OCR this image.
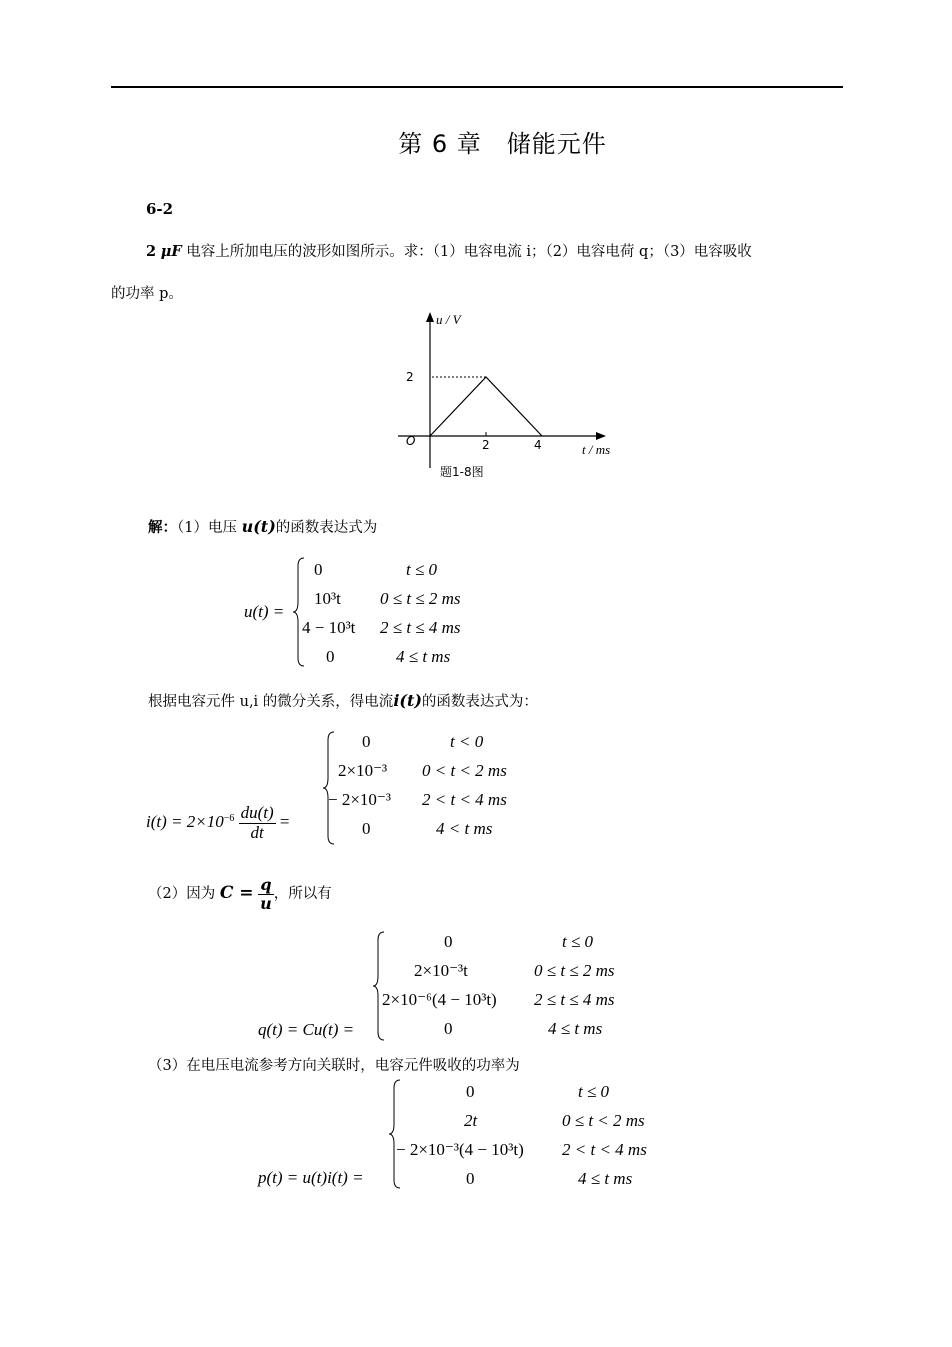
第 6 章　储能元件
6-2
2 μF 电容上所加电压的波形如图所示。求：（1）电容电流 i；（2）电容电荷 q；（3）电容吸收
的功率 p。
u / V
2
O	2	4	t / ms
题1-8图
解：（1）电压 u(t)的函数表达式为
u(t) =
0	t ≤ 0
10³t 0 ≤ t ≤ 2 ms
4 − 10³t 2 ≤ t ≤ 4 ms
0	4 ≤ t ms
根据电容元件 u,i 的微分关系，得电流i(t)的函数表达式为：
$i(t) = 2\times 10^{-6} \frac{du(t)}{dt}$ =
0	t < 0
2×10⁻³ 0 < t < 2 ms
− 2×10⁻³ 2 < t < 4 ms
0	4 < t ms
（2）因为 $C = \frac{q}{u}$ ，所以有
q(t) = Cu(t) =
0	t ≤ 0
2×10⁻³t	0 ≤ t ≤ 2 ms
2×10⁻⁶(4 − 10³t) 2 ≤ t ≤ 4 ms
0	4 ≤ t ms
（3）在电压电流参考方向关联时，电容元件吸收的功率为
p(t) = u(t)i(t) =
0	t ≤ 0
2t	0 ≤ t < 2 ms
− 2×10⁻³(4 − 10³t) 2 < t < 4 ms
0	4 ≤ t ms
